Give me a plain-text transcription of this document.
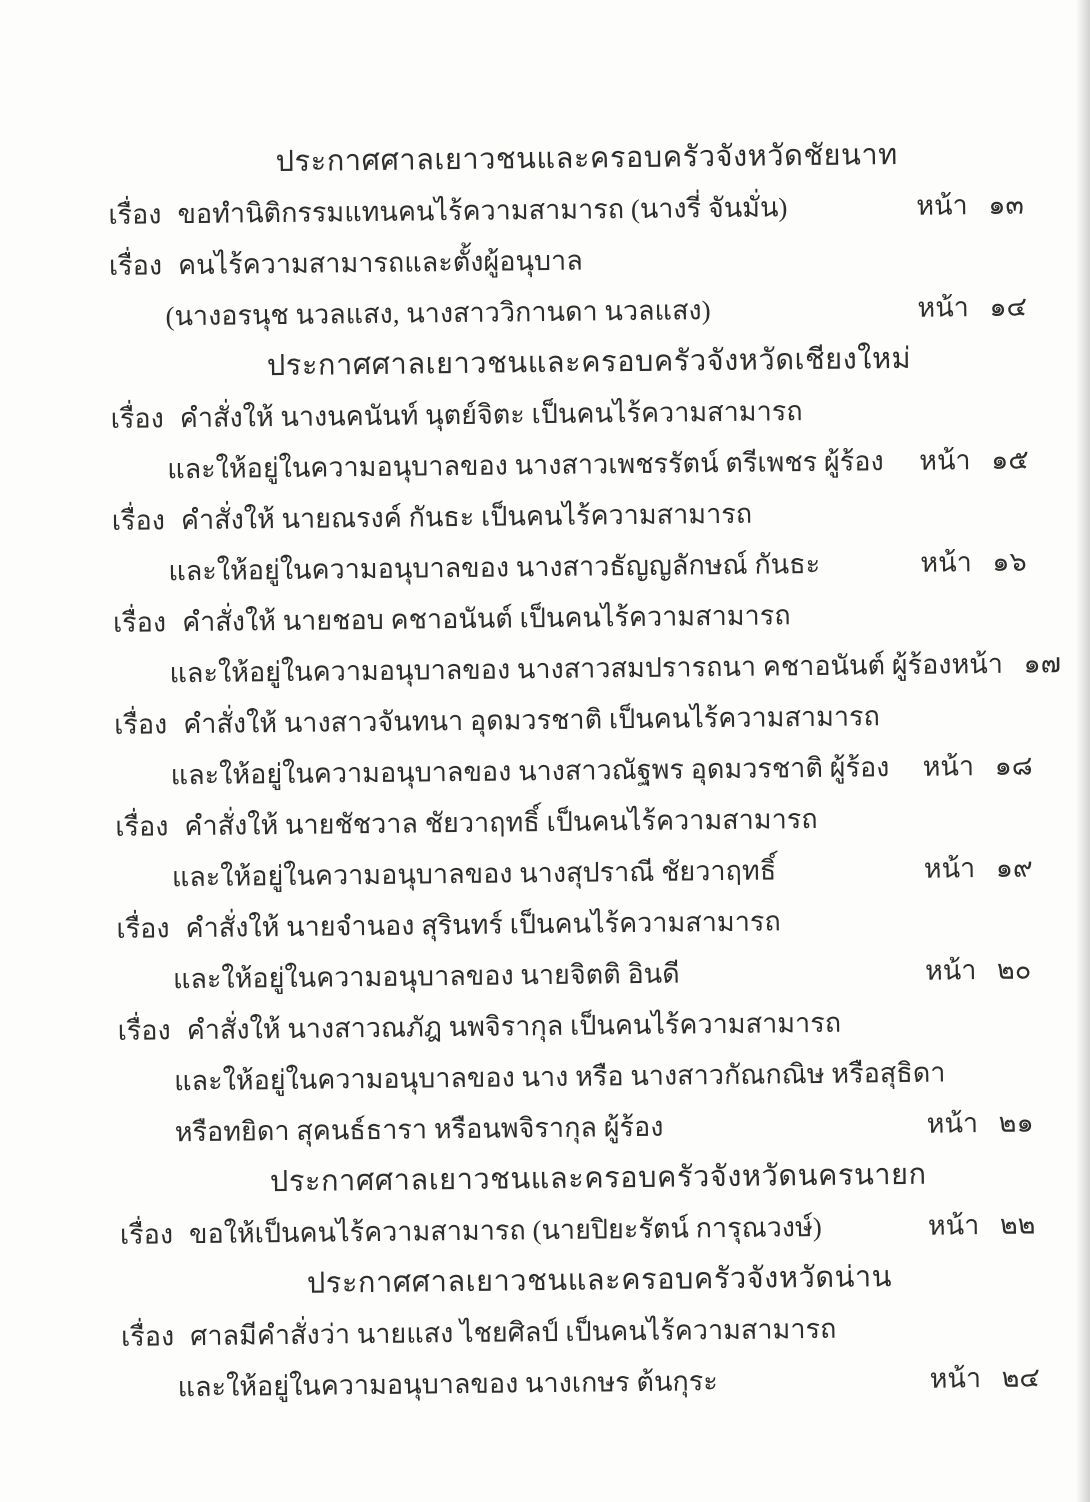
ประกาศศาลเยาวชนและครอบครัวจังหวัดชัยนาท
เรื่อง ขอทำนิติกรรมแทนคนไร้ความสามารถ (นางรี่ จันมั่น)	หน้า ๑๓
เรื่อง คนไร้ความสามารถและตั้งผู้อนุบาล
(นางอรนุช นวลแสง, นางสาววิกานดา นวลแสง)	หน้า ๑๔
ประกาศศาลเยาวชนและครอบครัวจังหวัดเชียงใหม่
เรื่อง คำสั่งให้ นางนคนันท์ นุตย์จิตะ เป็นคนไร้ความสามารถ
และให้อยู่ในความอนุบาลของ นางสาวเพชรรัตน์ ตรีเพชร ผู้ร้อง หน้า ๑๕
เรื่อง คำสั่งให้ นายณรงค์ กันธะ เป็นคนไร้ความสามารถ
และให้อยู่ในความอนุบาลของ นางสาวธัญญลักษณ์ กันธะ	หน้า ๑๖
เรื่อง คำสั่งให้ นายชอบ คชาอนันต์ เป็นคนไร้ความสามารถ
และให้อยู่ในความอนุบาลของ นางสาวสมปรารถนา คชาอนันต์ ผู้ร้อง หน้า ๑๗
เรื่อง คำสั่งให้ นางสาวจันทนา อุดมวรชาติ เป็นคนไร้ความสามารถ
และให้อยู่ในความอนุบาลของ นางสาวณัฐพร อุดมวรชาติ ผู้ร้อง หน้า ๑๘
เรื่อง คำสั่งให้ นายชัชวาล ชัยวาฤทธิ์ เป็นคนไร้ความสามารถ
และให้อยู่ในความอนุบาลของ นางสุปราณี ชัยวาฤทธิ์	หน้า ๑๙
เรื่อง คำสั่งให้ นายจำนอง สุรินทร์ เป็นคนไร้ความสามารถ
และให้อยู่ในความอนุบาลของ นายจิตติ อินดี	หน้า ๒๐
เรื่อง คำสั่งให้ นางสาวณภัฎ นพจิรากุล เป็นคนไร้ความสามารถ
และให้อยู่ในความอนุบาลของ นาง หรือ นางสาวกัณกณิษ หรือสุธิดา
หรือทยิดา สุคนธ์ธารา หรือนพจิรากุล ผู้ร้อง	หน้า ๒๑
ประกาศศาลเยาวชนและครอบครัวจังหวัดนครนายก
เรื่อง ขอให้เป็นคนไร้ความสามารถ (นายปิยะรัตน์ การุณวงษ์)	หน้า ๒๒
ประกาศศาลเยาวชนและครอบครัวจังหวัดน่าน
เรื่อง ศาลมีคำสั่งว่า นายแสง ไชยศิลป์ เป็นคนไร้ความสามารถ
และให้อยู่ในความอนุบาลของ นางเกษร ต้นกุระ	หน้า ๒๔
